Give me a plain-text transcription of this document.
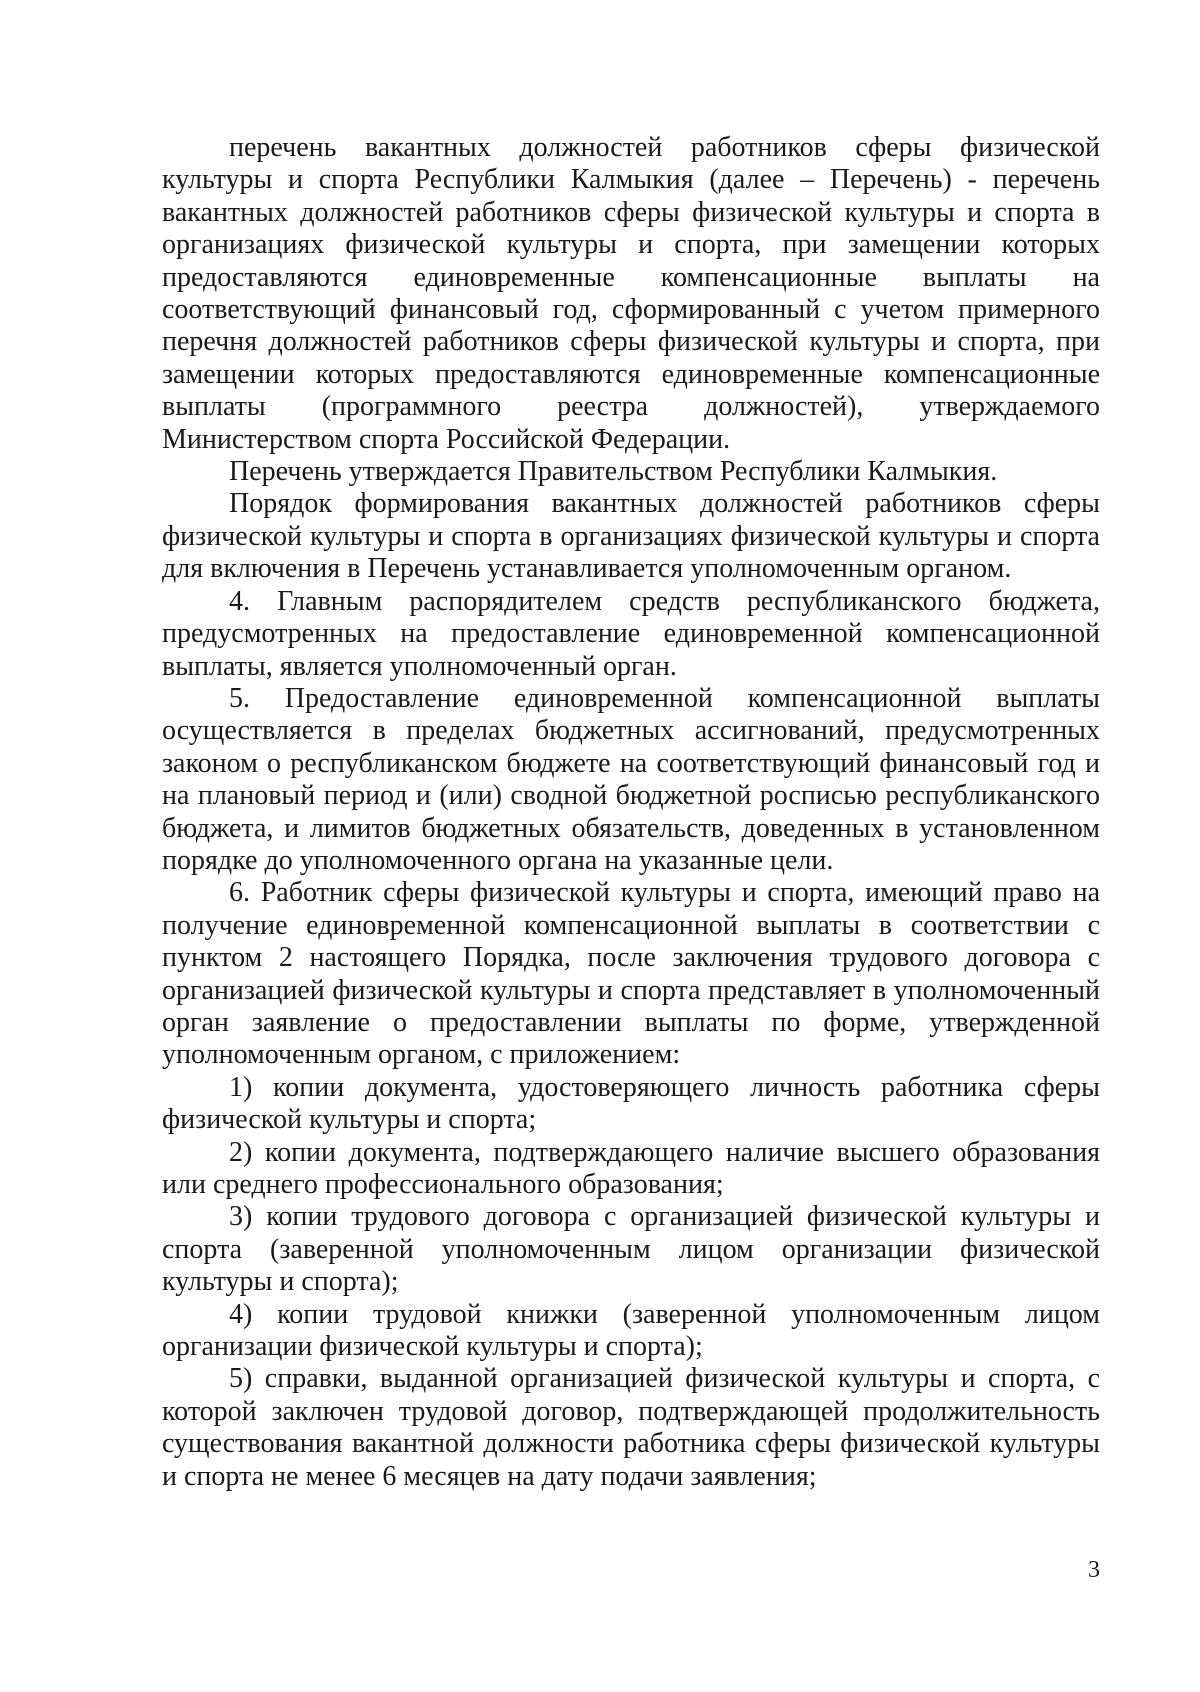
перечень вакантных должностей работников сферы физической культуры и спорта Республики Калмыкия (далее – Перечень) - перечень вакантных должностей работников сферы физической культуры и спорта в организациях физической культуры и спорта, при замещении которых предоставляются единовременные компенсационные выплаты на соответствующий финансовый год, сформированный с учетом примерного перечня должностей работников сферы физической культуры и спорта, при замещении которых предоставляются единовременные компенсационные выплаты (программного реестра должностей), утверждаемого Министерством спорта Российской Федерации.

Перечень утверждается Правительством Республики Калмыкия.

Порядок формирования вакантных должностей работников сферы физической культуры и спорта в организациях физической культуры и спорта для включения в Перечень устанавливается уполномоченным органом.

4. Главным распорядителем средств республиканского бюджета, предусмотренных на предоставление единовременной компенсационной выплаты, является уполномоченный орган.

5. Предоставление единовременной компенсационной выплаты осуществляется в пределах бюджетных ассигнований, предусмотренных законом о республиканском бюджете на соответствующий финансовый год и на плановый период и (или) сводной бюджетной росписью республиканского бюджета, и лимитов бюджетных обязательств, доведенных в установленном порядке до уполномоченного органа на указанные цели.

6. Работник сферы физической культуры и спорта, имеющий право на получение единовременной компенсационной выплаты в соответствии с пунктом 2 настоящего Порядка, после заключения трудового договора с организацией физической культуры и спорта представляет в уполномоченный орган заявление о предоставлении выплаты по форме, утвержденной уполномоченным органом, с приложением:

1) копии документа, удостоверяющего личность работника сферы физической культуры и спорта;

2) копии документа, подтверждающего наличие высшего образования или среднего профессионального образования;

3) копии трудового договора с организацией физической культуры и спорта (заверенной уполномоченным лицом организации физической культуры и спорта);

4) копии трудовой книжки (заверенной уполномоченным лицом организации физической культуры и спорта);

5) справки, выданной организацией физической культуры и спорта, с которой заключен трудовой договор, подтверждающей продолжительность существования вакантной должности работника сферы физической культуры и спорта не менее 6 месяцев на дату подачи заявления;

3
